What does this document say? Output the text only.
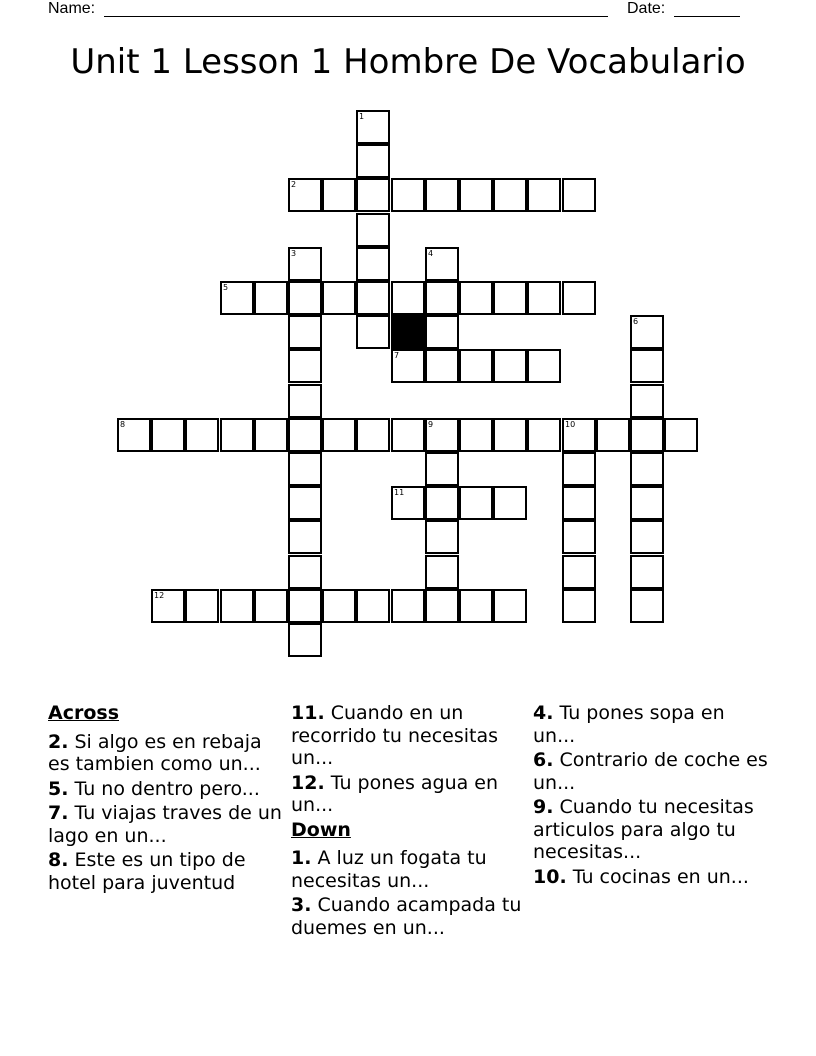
Name:	Date:
Unit 1 Lesson 1 Hombre De Vocabulario
1
2
3	4
5
6
7
8	9	10
11
12
Across
2. Si algo es en rebaja es tambien como un...
5. Tu no dentro pero...
7. Tu viajas traves de un lago en un...
8. Este es un tipo de hotel para juventud
11. Cuando en un recorrido tu necesitas un...
12. Tu pones agua en un...
Down
1. A luz un fogata tu necesitas un...
3. Cuando acampada tu duemes en un...
4. Tu pones sopa en un...
6. Contrario de coche es un...
9. Cuando tu necesitas articulos para algo tu necesitas...
10. Tu cocinas en un...
